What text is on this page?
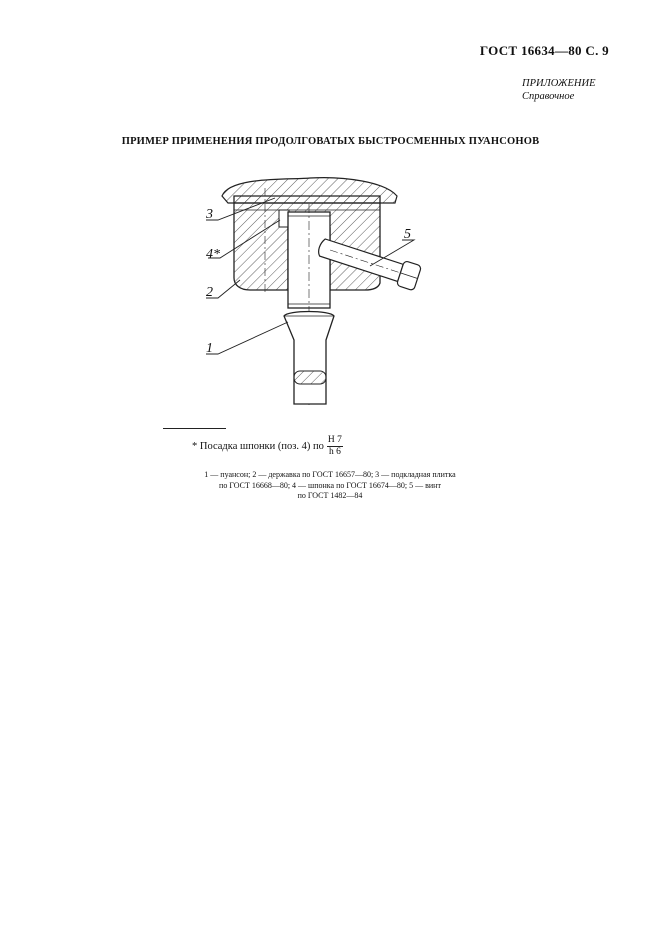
ГОСТ 16634—80 С. 9
ПРИЛОЖЕНИЕ
Справочное
ПРИМЕР ПРИМЕНЕНИЯ ПРОДОЛГОВАТЫХ БЫСТРОСМЕННЫХ ПУАНСОНОВ
3
4*
2
5
1
* Посадка шпонки (поз. 4) по $\frac{H 7}{h 6}$
1 — пуансон; 2 — державка по ГОСТ 16657—80; 3 — подкладная плитка
по ГОСТ 16668—80; 4 — шпонка по ГОСТ 16674—80; 5 — винт
по ГОСТ 1482—84
